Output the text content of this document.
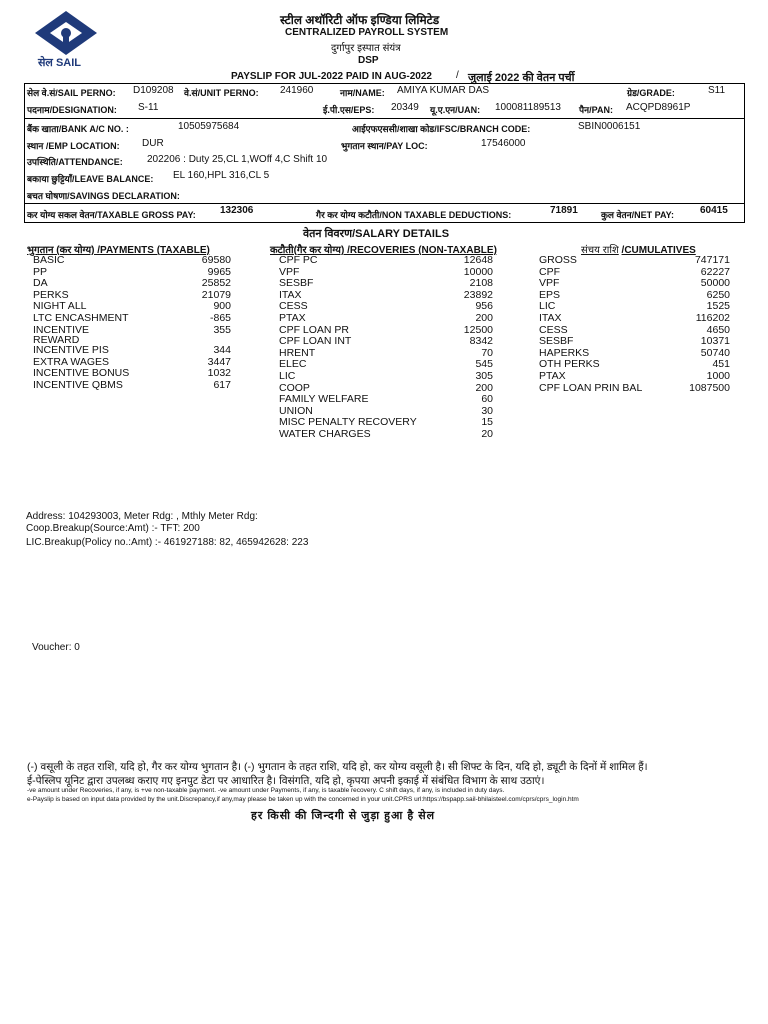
सेल SAIL
स्टील अथॉरिटी ऑफ इण्डिया लिमिटेड
CENTRALIZED PAYROLL SYSTEM
दुर्गापुर इस्पात संयंत्र
DSP
PAYSLIP FOR JUL-2022 PAID IN AUG-2022 / जुलाई 2022 की वेतन पर्ची
सेल वे.सं/SAIL PERNO: D109208 वे.सं/UNIT PERNO: 241960	नाम/NAME: AMIYA KUMAR DAS	ग्रेड/GRADE:	S11
पदनाम/DESIGNATION: S-11	ई.पी.एस/EPS: 20349 यू.ए.एन/UAN: 100081189513 पैन/PAN: ACQPD8961P
बैंक खाता/BANK A/C NO. :	10505975684	आईएफएससी/शाखा कोड/IFSC/BRANCH CODE:	SBIN0006151
स्थान /EMP LOCATION: DUR	भुगतान स्थान/PAY LOC:	17546000
उपस्थिति/ATTENDANCE: 202206 : Duty 25,CL 1,WOff 4,C Shift 10
बकाया छुट्टियाँ/LEAVE BALANCE: EL 160,HPL 316,CL 5
बचत घोषणा/SAVINGS DECLARATION:
कर योग्य सकल वेतन/TAXABLE GROSS PAY: 132306	गैर कर योग्य कटौती/NON TAXABLE DEDUCTIONS:	71891	कुल वेतन/NET PAY:	60415
वेतन विवरण/SALARY DETAILS
भुगतान (कर योग्य) /PAYMENTS (TAXABLE)	कटौती(गैर कर योग्य) /RECOVERIES (NON-TAXABLE)	संचय राशि /CUMULATIVES
BASIC	69580
PP	9965
DA	25852
PERKS	21079
NIGHT ALL	900
LTC ENCASHMENT	-865
INCENTIVE	355
REWARD
INCENTIVE PIS	344
EXTRA WAGES	3447
INCENTIVE BONUS	1032
INCENTIVE QBMS	617
CPF PC	12648
VPF	10000
SESBF	2108
ITAX	23892
CESS	956
PTAX	200
CPF LOAN PR	12500
CPF LOAN INT	8342
HRENT	70
ELEC	545
LIC	305
COOP	200
FAMILY WELFARE	60
UNION	30
MISC PENALTY RECOVERY	15
WATER CHARGES	20
GROSS	747171
CPF	62227
VPF	50000
EPS	6250
LIC	1525
ITAX	116202
CESS	4650
SESBF	10371
HAPERKS	50740
OTH PERKS	451
PTAX	1000
CPF LOAN PRIN BAL	1087500
Address: 104293003, Meter Rdg: , Mthly Meter Rdg:
Coop.Breakup(Source:Amt) :- TFT: 200
LIC.Breakup(Policy no.:Amt) :- 461927188: 82, 465942628: 223
Voucher: 0
(-) वसूली के तहत राशि, यदि हो, गैर कर योग्य भुगतान है। (-) भुगतान के तहत राशि, यदि हो, कर योग्य वसूली है। सी शिफ्ट के दिन, यदि हो, ड्यूटी के दिनों में शामिल हैं।
ई-पेस्लिप यूनिट द्वारा उपलब्ध कराए गए इनपुट डेटा पर आधारित है। विसंगति, यदि हो, कृपया अपनी इकाई में संबंधित विभाग के साथ उठाएं।
-ve amount under Recoveries, if any, is +ve non-taxable payment. -ve amount under Payments, if any, is taxable recovery. C shift days, if any, is included in duty days.
e-Payslip is based on input data provided by the unit.Discrepancy,if any,may please be taken up with the concerned in your unit.CPRS url:https://bspapp.sail-bhilaisteel.com/cprs/cprs_login.htm
हर किसी की जिन्दगी से जुड़ा हुआ है सेल
